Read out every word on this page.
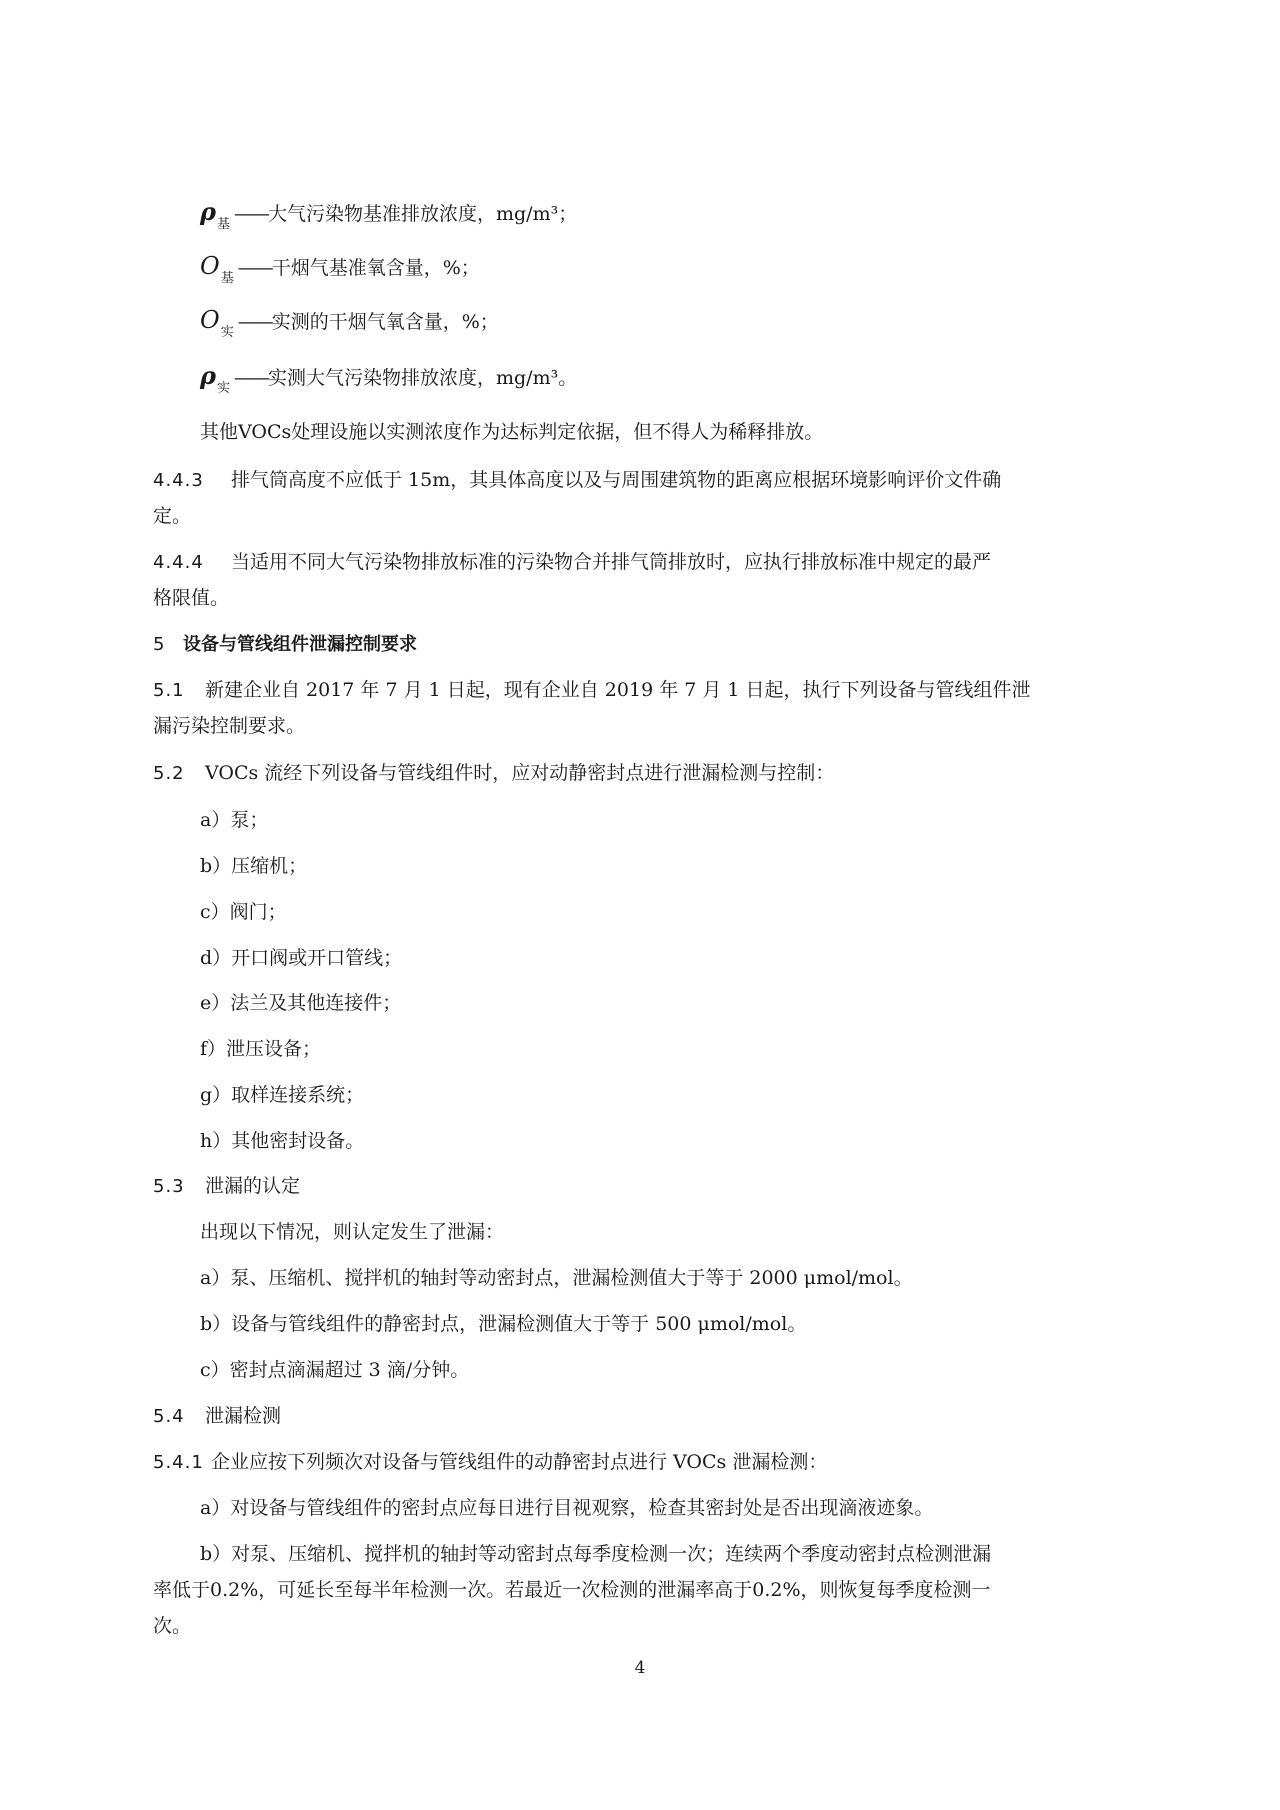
$\rho_基$ ——大气污染物基准排放浓度，mg/m³；
$O_基$ ——干烟气基准氧含量，%；
$O_实$ ——实测的干烟气氧含量，%；
$\rho_实$ ——实测大气污染物排放浓度，mg/m³。
其他VOCs处理设施以实测浓度作为达标判定依据，但不得人为稀释排放。
4.4.3 排气筒高度不应低于 15m，其具体高度以及与周围建筑物的距离应根据环境影响评价文件确
定。
4.4.4 当适用不同大气污染物排放标准的污染物合并排气筒排放时，应执行排放标准中规定的最严
格限值。
5 设备与管线组件泄漏控制要求
5.1 新建企业自 2017 年 7 月 1 日起，现有企业自 2019 年 7 月 1 日起，执行下列设备与管线组件泄
漏污染控制要求。
5.2 VOCs 流经下列设备与管线组件时，应对动静密封点进行泄漏检测与控制：
a）泵；
b）压缩机；
c）阀门；
d）开口阀或开口管线；
e）法兰及其他连接件；
f）泄压设备；
g）取样连接系统；
h）其他密封设备。
5.3 泄漏的认定
出现以下情况，则认定发生了泄漏：
a）泵、压缩机、搅拌机的轴封等动密封点，泄漏检测值大于等于 2000 μmol/mol。
b）设备与管线组件的静密封点，泄漏检测值大于等于 500 μmol/mol。
c）密封点滴漏超过 3 滴/分钟。
5.4 泄漏检测
5.4.1 企业应按下列频次对设备与管线组件的动静密封点进行 VOCs 泄漏检测：
a）对设备与管线组件的密封点应每日进行目视观察，检查其密封处是否出现滴液迹象。
b）对泵、压缩机、搅拌机的轴封等动密封点每季度检测一次；连续两个季度动密封点检测泄漏
率低于0.2%，可延长至每半年检测一次。若最近一次检测的泄漏率高于0.2%，则恢复每季度检测一
次。
4
